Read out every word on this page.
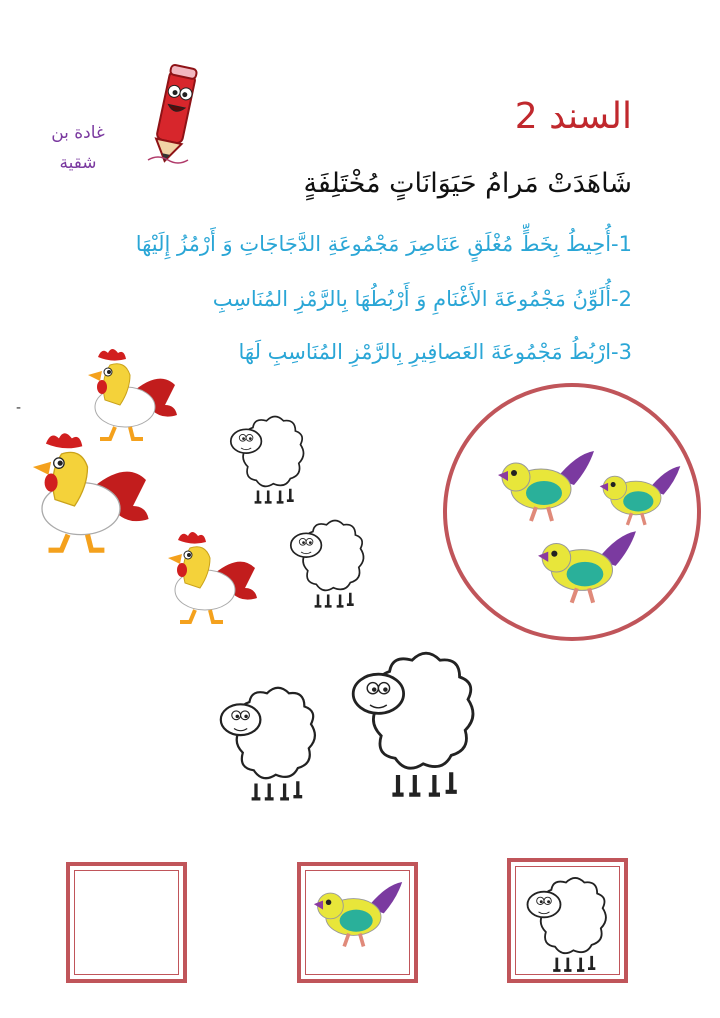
السند 2
شَاهَدَتْ مَرامُ حَيَوَانَاتٍ مُخْتَلِفَةٍ
1-أُحِيطُ بِخَطٍّ مُغْلَقٍ عَنَاصِرَ مَجْمُوعَةِ الدَّجَاجَاتِ وَ أَرْمُزُ إِلَيْهَا
2-أُلَوِّنُ مَجْمُوعَةَ الأَغْنَامِ وَ أَرْبُطُهَا بِالرَّمْزِ المُنَاسِبِ
3-ارْبُطُ مَجْمُوعَةَ العَصافِيرِ بِالرَّمْزِ المُنَاسِبِ لَهَا
غادة بن
شقية
-
